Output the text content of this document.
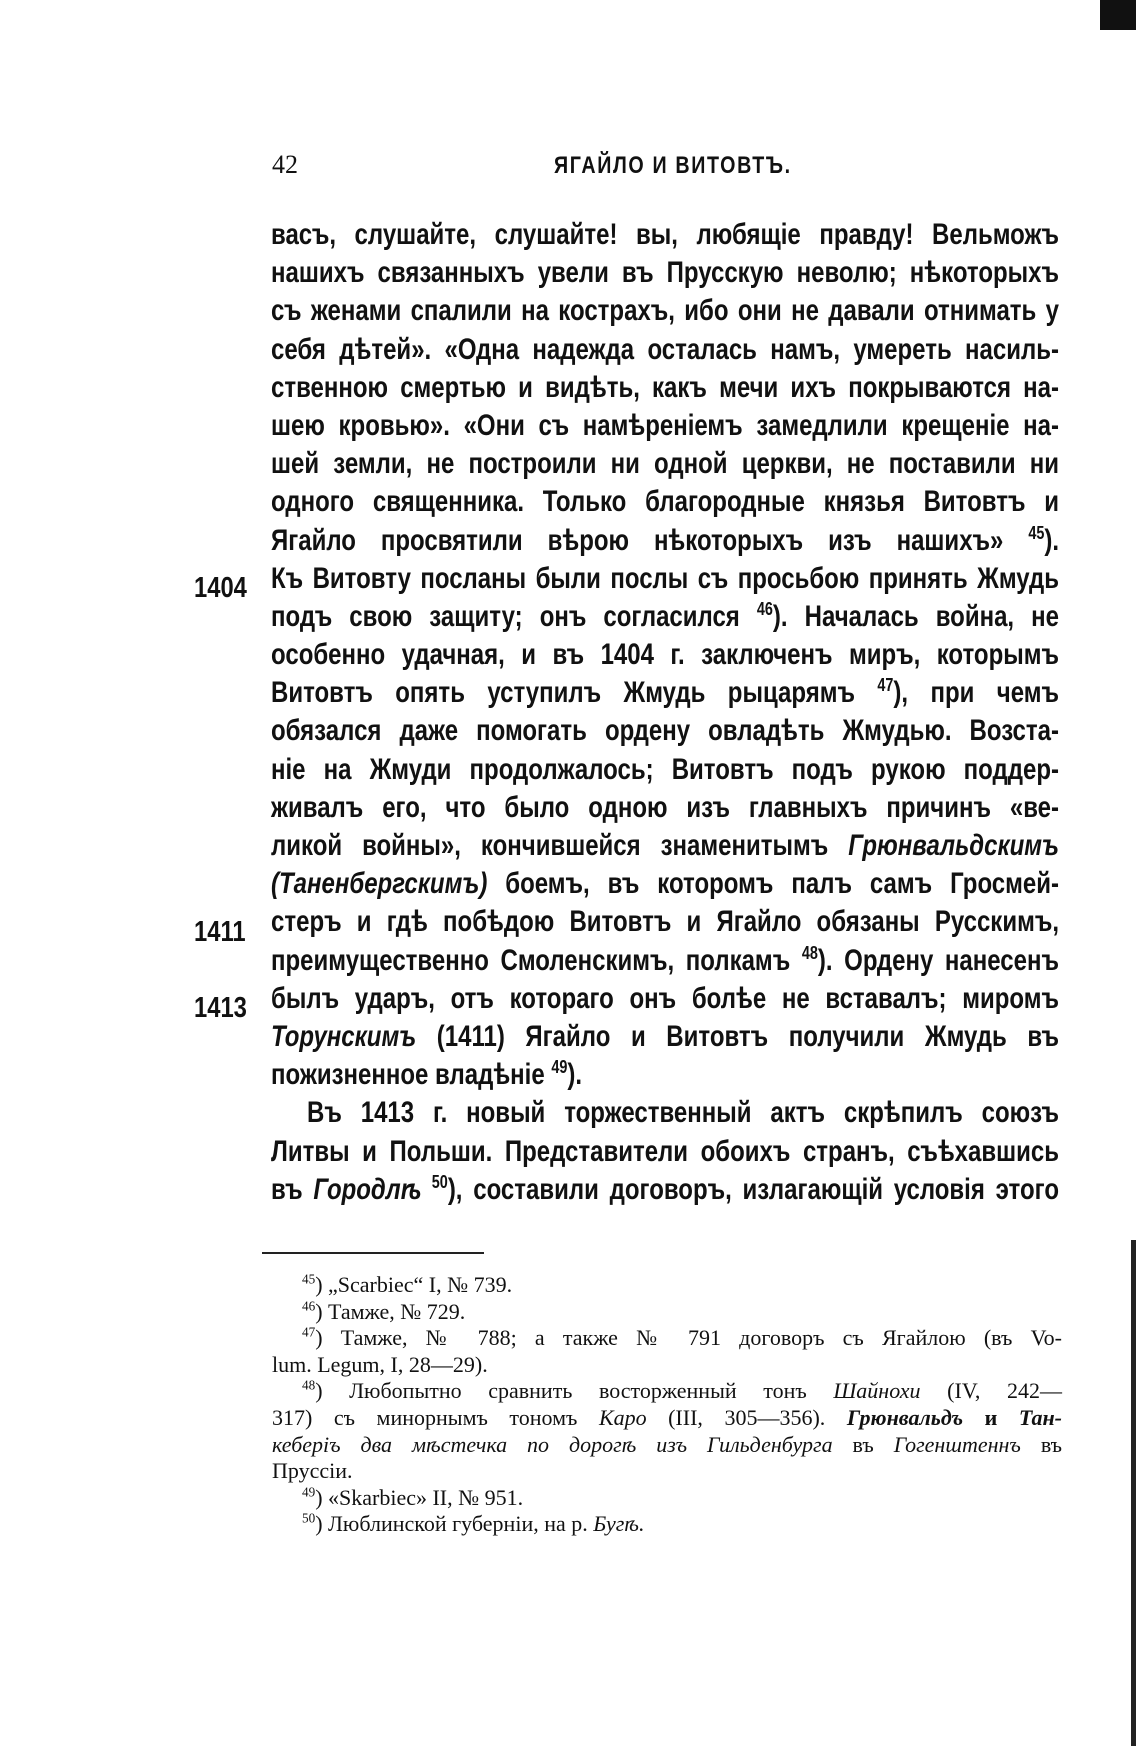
42	ЯГАЙЛО И ВИТОВТЪ.
1404
1411
1413
васъ, слушайте, слушайте! вы, любящіе правду! Вельможъ
нашихъ связанныхъ увели въ Прусскую неволю; нѣкоторыхъ
съ женами спалили на кострахъ, ибо они не давали отнимать у
себя дѣтей». «Одна надежда осталась намъ, умереть насиль-
ственною смертью и видѣть, какъ мечи ихъ покрываются на-
шею кровью». «Они съ намѣреніемъ замедлили крещеніе на-
шей земли, не построили ни одной церкви, не поставили ни
одного священника. Только благородные князья Витовтъ и
Ягайло просвятили вѣрою нѣкоторыхъ изъ нашихъ» $^{45}$).
Къ Витовту посланы были послы съ просьбою принять Жмудь
подъ свою защиту; онъ согласился $^{46}$). Началась война, не
особенно удачная, и въ 1404 г. заключенъ миръ, которымъ
Витовтъ опять уступилъ Жмудь рыцарямъ $^{47}$), при чемъ
обязался даже помогать ордену овладѣть Жмудью. Возста-
ніе на Жмуди продолжалось; Витовтъ подъ рукою поддер-
живалъ его, что было одною изъ главныхъ причинъ «ве-
ликой войны», кончившейся знаменитымъ Грюнвальдскимъ
(Таненбергскимъ) боемъ, въ которомъ палъ самъ Гросмей-
стеръ и гдѣ побѣдою Витовтъ и Ягайло обязаны Русскимъ,
преимущественно Смоленскимъ, полкамъ $^{48}$). Ордену нанесенъ
былъ ударъ, отъ котораго онъ болѣе не вставалъ; миромъ
Торунскимъ (1411) Ягайло и Витовтъ получили Жмудь въ
пожизненное владѣніе $^{49}$).
Въ 1413 г. новый торжественный актъ скрѣпилъ союзъ
Литвы и Польши. Представители обоихъ странъ, съѣхавшись
въ Городлѣ $^{50}$), составили договоръ, излагающій условія этого
$^{45}$) „Scarbiec“ I, № 739.
$^{46}$) Тамже, № 729.
$^{47}$) Тамже, № 788; а также № 791 договоръ съ Ягайлою (въ Vo-
lum. Legum, I, 28—29).
$^{48}$) Любопытно сравнить восторженный тонъ Шайнохи (IV, 242—
317) съ минорнымъ тономъ Каро (III, 305—356). Грюнвальдъ и Тан-
кеберіъ два мѣстечка по дорогѣ изъ Гильденбурга въ Гогенштеннъ въ
Пруссіи.
$^{49}$) «Skarbiec» II, № 951.
$^{50}$) Люблинской губерніи, на р. Бугѣ.
